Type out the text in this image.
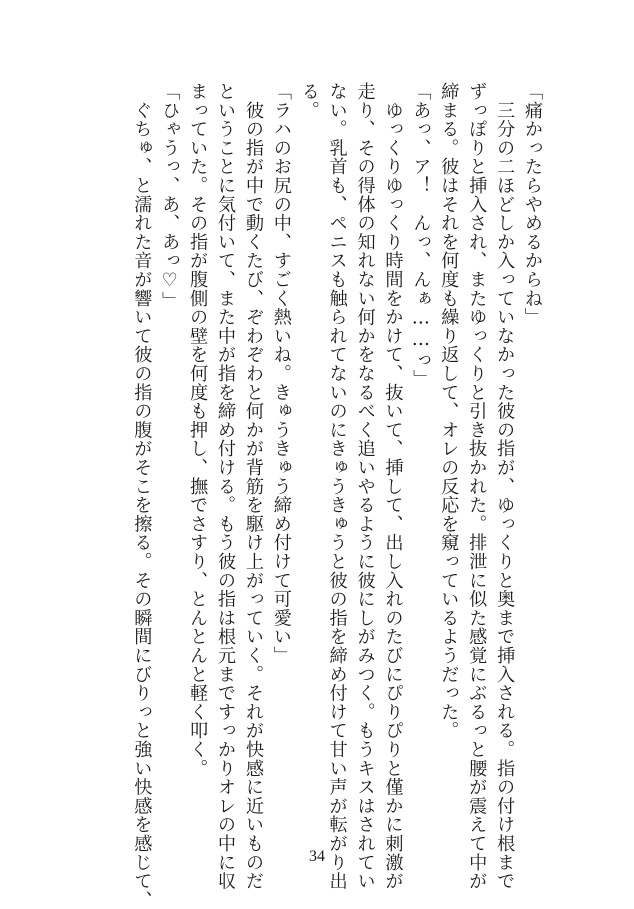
「痛かったらやめるからね」
　三分の二ほどしか入っていなかった彼の指が、ゆっくりと奥まで挿入される。指の付け根まで
ずっぽりと挿入され、またゆっくりと引き抜かれた。排泄に似た感覚にぶるっと腰が震えて中が
締まる。彼はそれを何度も繰り返して、オレの反応を窺っているようだった。
「あっ、ア！　んっ、んぁ……っ」
　ゆっくりゆっくり時間をかけて、抜いて、挿して、出し入れのたびにぴりぴりと僅かに刺激が
走り、その得体の知れない何かをなるべく追いやるように彼にしがみつく。もうキスはされてい
ない。乳首も、ペニスも触られてないのにきゅうきゅうと彼の指を締め付けて甘い声が転がり出
る。
「ラハのお尻の中、すごく熱いね。きゅうきゅう締め付けて可愛い」
　彼の指が中で動くたび、ぞわぞわと何かが背筋を駆け上がっていく。それが快感に近いものだ
ということに気付いて、また中が指を締め付ける。もう彼の指は根元まですっかりオレの中に収
まっていた。その指が腹側の壁を何度も押し、撫でさすり、とんとんと軽く叩く。
「ひゃうっ、あ、あっ♡」
　ぐちゅ、と濡れた音が響いて彼の指の腹がそこを擦る。その瞬間にびりっと強い快感を感じて、	34
